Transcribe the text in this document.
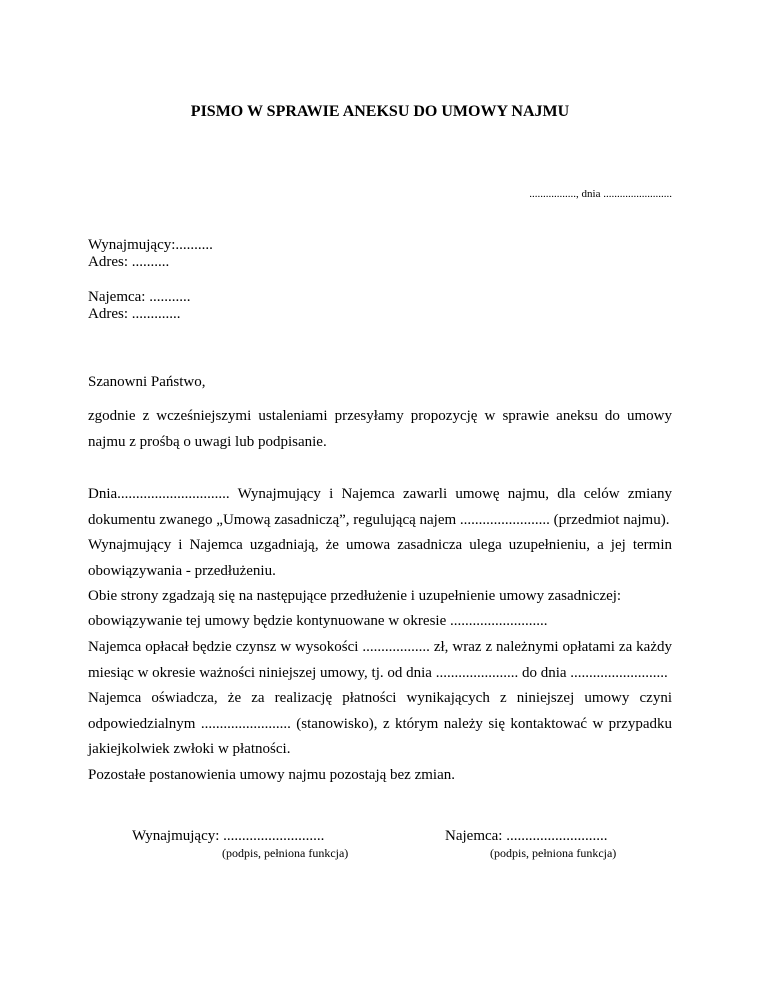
PISMO W SPRAWIE ANEKSU DO UMOWY NAJMU
................., dnia .........................
Wynajmujący:..........
Adres: ..........
Najemca: ...........
Adres: .............
Szanowni Państwo,

zgodnie z wcześniejszymi ustaleniami przesyłamy propozycję w sprawie aneksu do umowy najmu z prośbą o uwagi lub podpisanie.

Dnia.............................. Wynajmujący i Najemca zawarli umowę najmu, dla celów zmiany dokumentu zwanego „Umową zasadniczą”, regulującą najem ........................ (przedmiot najmu).

Wynajmujący i Najemca uzgadniają, że umowa zasadnicza ulega uzupełnieniu, a jej termin obowiązywania - przedłużeniu.

Obie strony zgadzają się na następujące przedłużenie i uzupełnienie umowy zasadniczej:

obowiązywanie tej umowy będzie kontynuowane w okresie ..........................

Najemca opłacał będzie czynsz w wysokości .................. zł, wraz z należnymi opłatami za każdy miesiąc w okresie ważności niniejszej umowy, tj. od dnia ...................... do dnia ..........................

Najemca oświadcza, że za realizację płatności wynikających z niniejszej umowy czyni odpowiedzialnym ........................ (stanowisko), z którym należy się kontaktować w przypadku jakiejkolwiek zwłoki w płatności.

Pozostałe postanowienia umowy najmu pozostają bez zmian.

Wynajmujący: ...........................
(podpis, pełniona funkcja)
Najemca: ...........................
(podpis, pełniona funkcja)
